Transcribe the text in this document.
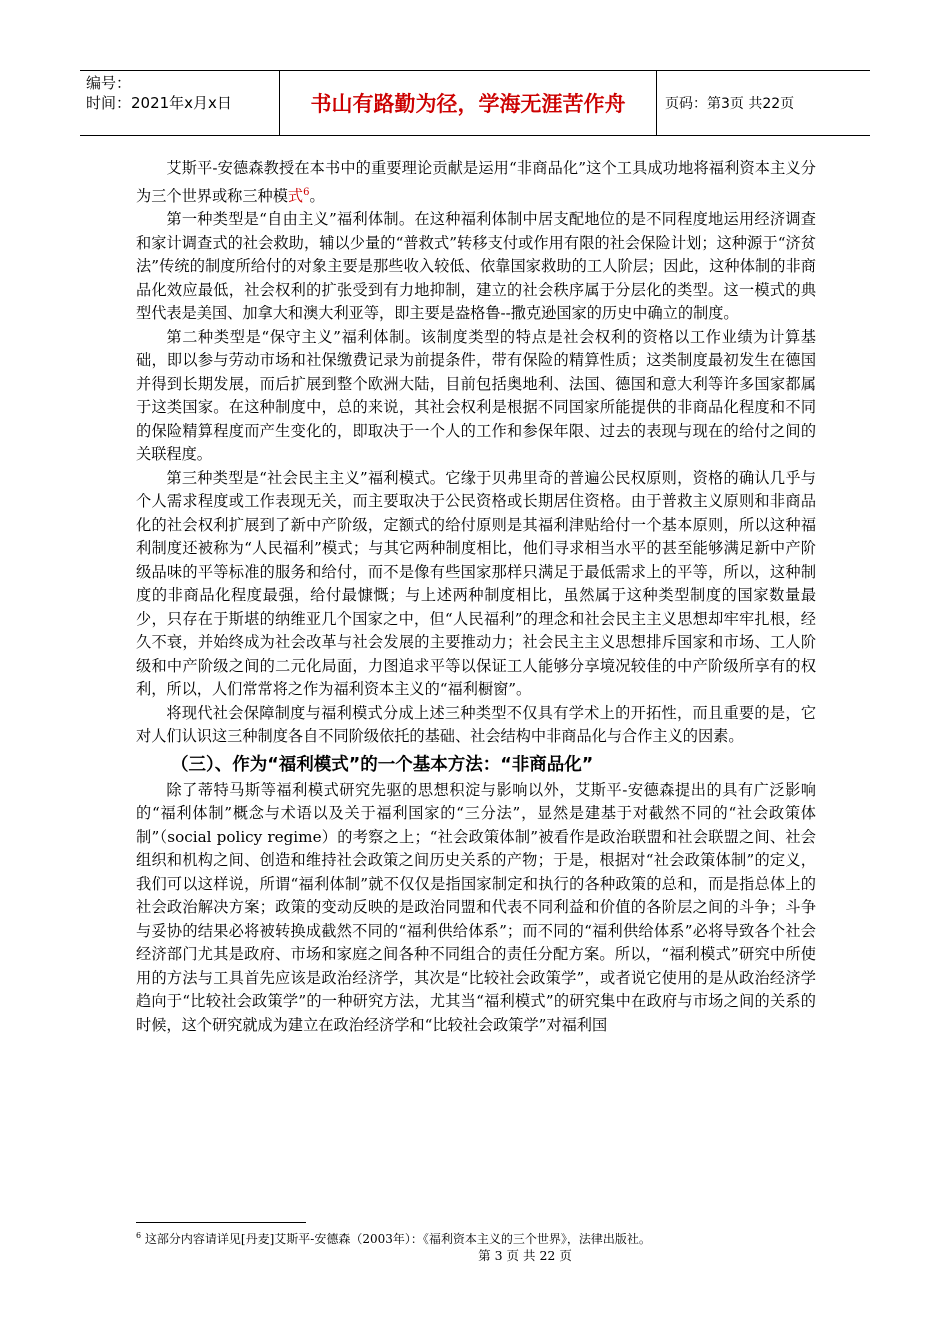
编号：
时间：2021年x月x日	书山有路勤为径，学海无涯苦作舟	页码：第3页 共22页

艾斯平-安德森教授在本书中的重要理论贡献是运用“非商品化”这个工具成功地将福利资本主义分为三个世界或称三种模式$^6$。

第一种类型是“自由主义”福利体制。在这种福利体制中居支配地位的是不同程度地运用经济调查和家计调查式的社会救助，辅以少量的“普救式”转移支付或作用有限的社会保险计划；这种源于“济贫法”传统的制度所给付的对象主要是那些收入较低、依靠国家救助的工人阶层；因此，这种体制的非商品化效应最低，社会权利的扩张受到有力地抑制，建立的社会秩序属于分层化的类型。这一模式的典型代表是美国、加拿大和澳大利亚等，即主要是盎格鲁--撒克逊国家的历史中确立的制度。

第二种类型是“保守主义”福利体制。该制度类型的特点是社会权利的资格以工作业绩为计算基础，即以参与劳动市场和社保缴费记录为前提条件，带有保险的精算性质；这类制度最初发生在德国并得到长期发展，而后扩展到整个欧洲大陆，目前包括奥地利、法国、德国和意大利等许多国家都属于这类国家。在这种制度中，总的来说，其社会权利是根据不同国家所能提供的非商品化程度和不同的保险精算程度而产生变化的，即取决于一个人的工作和参保年限、过去的表现与现在的给付之间的关联程度。

第三种类型是“社会民主主义”福利模式。它缘于贝弗里奇的普遍公民权原则，资格的确认几乎与个人需求程度或工作表现无关，而主要取决于公民资格或长期居住资格。由于普救主义原则和非商品化的社会权利扩展到了新中产阶级，定额式的给付原则是其福利津贴给付一个基本原则，所以这种福利制度还被称为“人民福利”模式；与其它两种制度相比，他们寻求相当水平的甚至能够满足新中产阶级品味的平等标准的服务和给付，而不是像有些国家那样只满足于最低需求上的平等，所以，这种制度的非商品化程度最强，给付最慷慨；与上述两种制度相比，虽然属于这种类型制度的国家数量最少，只存在于斯堪的纳维亚几个国家之中，但“人民福利”的理念和社会民主主义思想却牢牢扎根，经久不衰，并始终成为社会改革与社会发展的主要推动力；社会民主主义思想排斥国家和市场、工人阶级和中产阶级之间的二元化局面，力图追求平等以保证工人能够分享境况较佳的中产阶级所享有的权利，所以，人们常常将之作为福利资本主义的“福利橱窗”。

将现代社会保障制度与福利模式分成上述三种类型不仅具有学术上的开拓性，而且重要的是，它对人们认识这三种制度各自不同阶级依托的基础、社会结构中非商品化与合作主义的因素。

（三）、作为“福利模式”的一个基本方法：“非商品化”

除了蒂特马斯等福利模式研究先驱的思想积淀与影响以外，艾斯平-安德森提出的具有广泛影响的“福利体制”概念与术语以及关于福利国家的“三分法”，显然是建基于对截然不同的“社会政策体制”（social policy regime）的考察之上；“社会政策体制”被看作是政治联盟和社会联盟之间、社会组织和机构之间、创造和维持社会政策之间历史关系的产物；于是，根据对“社会政策体制”的定义，我们可以这样说，所谓“福利体制”就不仅仅是指国家制定和执行的各种政策的总和，而是指总体上的社会政治解决方案；政策的变动反映的是政治同盟和代表不同利益和价值的各阶层之间的斗争；斗争与妥协的结果必将被转换成截然不同的“福利供给体系”；而不同的“福利供给体系”必将导致各个社会经济部门尤其是政府、市场和家庭之间各种不同组合的责任分配方案。所以，“福利模式”研究中所使用的方法与工具首先应该是政治经济学，其次是“比较社会政策学”，或者说它使用的是从政治经济学趋向于“比较社会政策学”的一种研究方法，尤其当“福利模式”的研究集中在政府与市场之间的关系的时候，这个研究就成为建立在政治经济学和“比较社会政策学”对福利国

$^6$ 这部分内容请详见[丹麦]艾斯平-安德森（2003年）：《福利资本主义的三个世界》，法律出版社。
第 3 页 共 22 页
